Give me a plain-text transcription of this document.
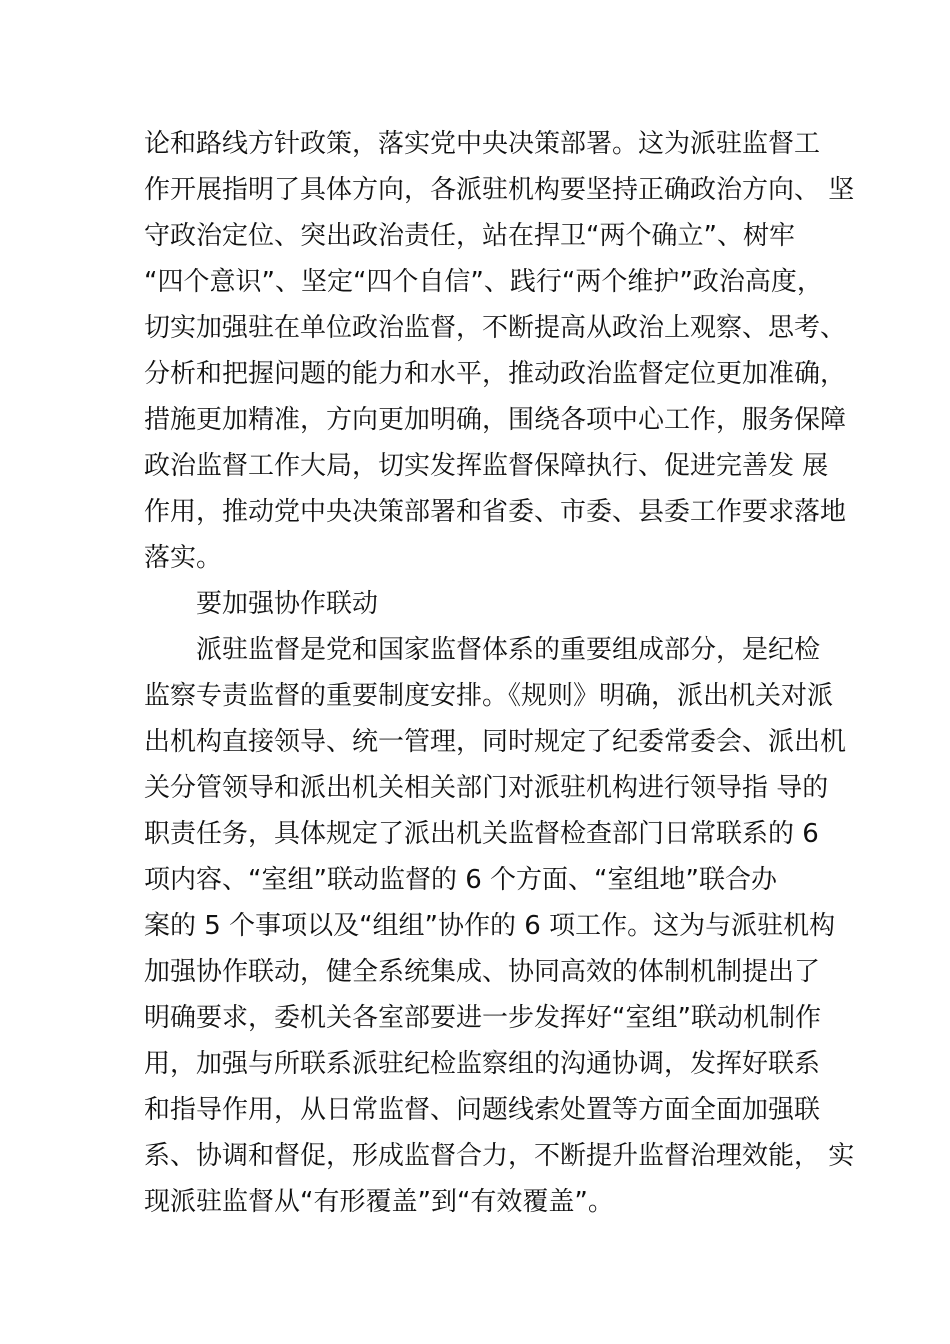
论和路线方针政策，落实党中央决策部署。这为派驻监督工
作开展指明了具体方向，各派驻机构要坚持正确政治方向、 坚
守政治定位、突出政治责任，站在捍卫“两个确立”、树牢
“四个意识”、坚定“四个自信”、践行“两个维护”政治高度，
切实加强驻在单位政治监督，不断提高从政治上观察、思考、
分析和把握问题的能力和水平，推动政治监督定位更加准确，
措施更加精准，方向更加明确，围绕各项中心工作，服务保障
政治监督工作大局，切实发挥监督保障执行、促进完善发 展
作用，推动党中央决策部署和省委、市委、县委工作要求落地
落实。
要加强协作联动
派驻监督是党和国家监督体系的重要组成部分，是纪检
监察专责监督的重要制度安排。《规则》明确，派出机关对派
出机构直接领导、统一管理，同时规定了纪委常委会、派出机
关分管领导和派出机关相关部门对派驻机构进行领导指 导的
职责任务，具体规定了派出机关监督检查部门日常联系的 6
项内容、“室组”联动监督的 6 个方面、“室组地”联合办
案的 5 个事项以及“组组”协作的 6 项工作。这为与派驻机构
加强协作联动，健全系统集成、协同高效的体制机制提出了
明确要求，委机关各室部要进一步发挥好“室组”联动机制作
用，加强与所联系派驻纪检监察组的沟通协调，发挥好联系
和指导作用，从日常监督、问题线索处置等方面全面加强联
系、协调和督促，形成监督合力，不断提升监督治理效能， 实
现派驻监督从“有形覆盖”到“有效覆盖”。
